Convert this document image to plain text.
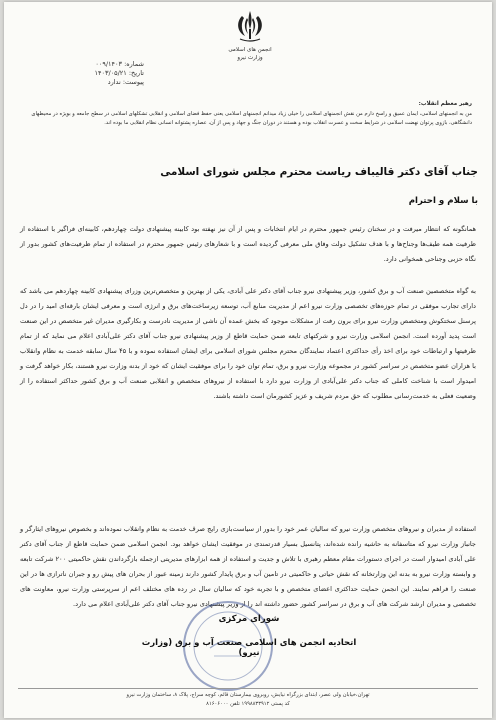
انجمن های اسلامی
وزارت نیرو
شماره: ۰۰۹/۱۴۰۳
تاریخ: ۱۴۰۳/۰۵/۲۱
پیوست: ندارد
رهبر معظم انقلاب:
من به انجمنهای اسلامی، ایمان عمیق و راسخ دارم من نقش انجمنهای اسلامی را خیلی زیاد میدانم انجمنهای اسلامی یعنی حفظ فضای اسلامی و انقلابی تشکلهای اسلامی در سطح جامعه و بویژه در محیطهای دانشگاهی، بازوی پرتوان نهضت اسلامی در شرایط سخت و عسرت انقلاب بوده و هستند در دوران جنگ و جهاد و پس از آن، عصاره پشتوانه انسانی نظام انقلابی ما بوده اند.
جناب آقای دکتر قالیباف ریاست محترم مجلس شورای اسلامی
با سلام و احترام

همانگونه که انتظار میرفت و در سخنان رئیس جمهور محترم در ایام انتخابات و پس از آن نیز نهفته بود کابینه پیشنهادی دولت چهاردهم، کابینه‌ای فراگیر با استفاده از ظرفیت همه طیف‌ها وجناح‌ها و با هدف تشکیل دولت وفاق ملی معرفی گردیده است و با شعارهای رئیس جمهور محترم در استفاده از تمام ظرفیت‌های کشور بدور از نگاه حزبی وجناحی همخوانی دارد.

به گواه متخصصین صنعت آب و برق کشور، وزیر پیشنهادی نیرو جناب آقای دکتر علی آبادی، یکی از بهترین و متخصص‌ترین وزرای پیشنهادی کابینه چهاردهم می باشد که دارای تجارب موفقی در تمام حوزه‌های تخصصی وزارت نیرو اعم از مدیریت منابع آب، توسعه زیرساخت‌های برق و انرژی است و معرفی ایشان بارقه‌ای امید را در دل پرسنل سختکوش ومتخصص وزارت نیرو برای برون رفت از مشکلات موجود که بخش عمده آن ناشی از مدیریت نادرست و بکارگیری مدیران غیر متخصص در این صنعت است پدید آورده است. انجمن اسلامی وزارت نیرو و شرکتهای تابعه ضمن حمایت قاطع از وزیر پیشنهادی نیرو جناب آقای دکتر علی‌آبادی اعلام می نماید که از تمام ظرفیتها و ارتباطات خود برای اخذ رأی حداکثری اعتماد نمایندگان محترم مجلس شورای اسلامی برای ایشان استفاده نموده و با ۴۵ سال سابقه خدمت به نظام وانقلاب با هزاران عضو متخصص در سراسر کشور در مجموعه وزارت نیرو و برق، تمام توان خود را برای موفقیت ایشان که خود از بدنه وزارت نیرو هستند، بکار خواهد گرفت و امیدوار است با شناخت کاملی که جناب دکتر علی‌آبادی از وزارت نیرو دارد با استفاده از نیروهای متخصص و انقلابی صنعت آب و برق کشور حداکثر استفاده را از وضعیت فعلی به خدمت‌رسانی مطلوب که حق مردم شریف و عزیز کشورمان است داشته باشند.

استفاده از مدیران و نیروهای متخصص وزارت نیرو که سالیان عمر خود را بدور از سیاست‌بازی رایج صرف خدمت به نظام وانقلاب نموده‌اند و بخصوص نیروهای ایثارگر و جانباز وزارت نیرو که متاسفانه به حاشیه رانده شده‌اند، پتانسیل بسیار قدرتمندی در موفقیت ایشان خواهد بود. انجمن اسلامی ضمن حمایت قاطع از جناب آقای دکتر علی آبادی امیدوار است در اجرای دستورات مقام معظم رهبری با تلاش و جدیت و استفاده از همه ابزارهای مدیریتی ازجمله بازگرداندن نقش حاکمیتی ۲۰۰ شرکت تابعه و وابسته وزارت نیرو به بدنه این وزارتخانه که نقش حیاتی و حاکمیتی در تامین آب و برق پایدار کشور دارند زمینه عبور از بحران های پیش رو و جبران ناترازی ها در این صنعت را فراهم نمایند. این انجمن حمایت حداکثری اعضای متخصص و با تجربه خود که سالیان سال در رده های مختلف اعم از سرپرستی وزارت نیرو، معاونت های تخصصی و مدیران ارشد شرکت های آب و برق در سراسر کشور حضور داشته اند را از وزیر پیشنهادی نیرو جناب آقای دکتر علی‌آبادی اعلام می دارد.

شورای مرکزی
اتحادیه انجمن های اسلامی صنعت آب و برق (وزارت نیرو)
تهران،خیابان ولی عصر، ابتدای بزرگراه نیایش، روبروی بیمارستان قائم، کوچه سراج، پلاک ۸، ساختمان وزارت نیرو
کد پستی ۱۹۹۸۸۳۳۹۱۲ تلفن ۸۱۶۰۶۰۰۰
